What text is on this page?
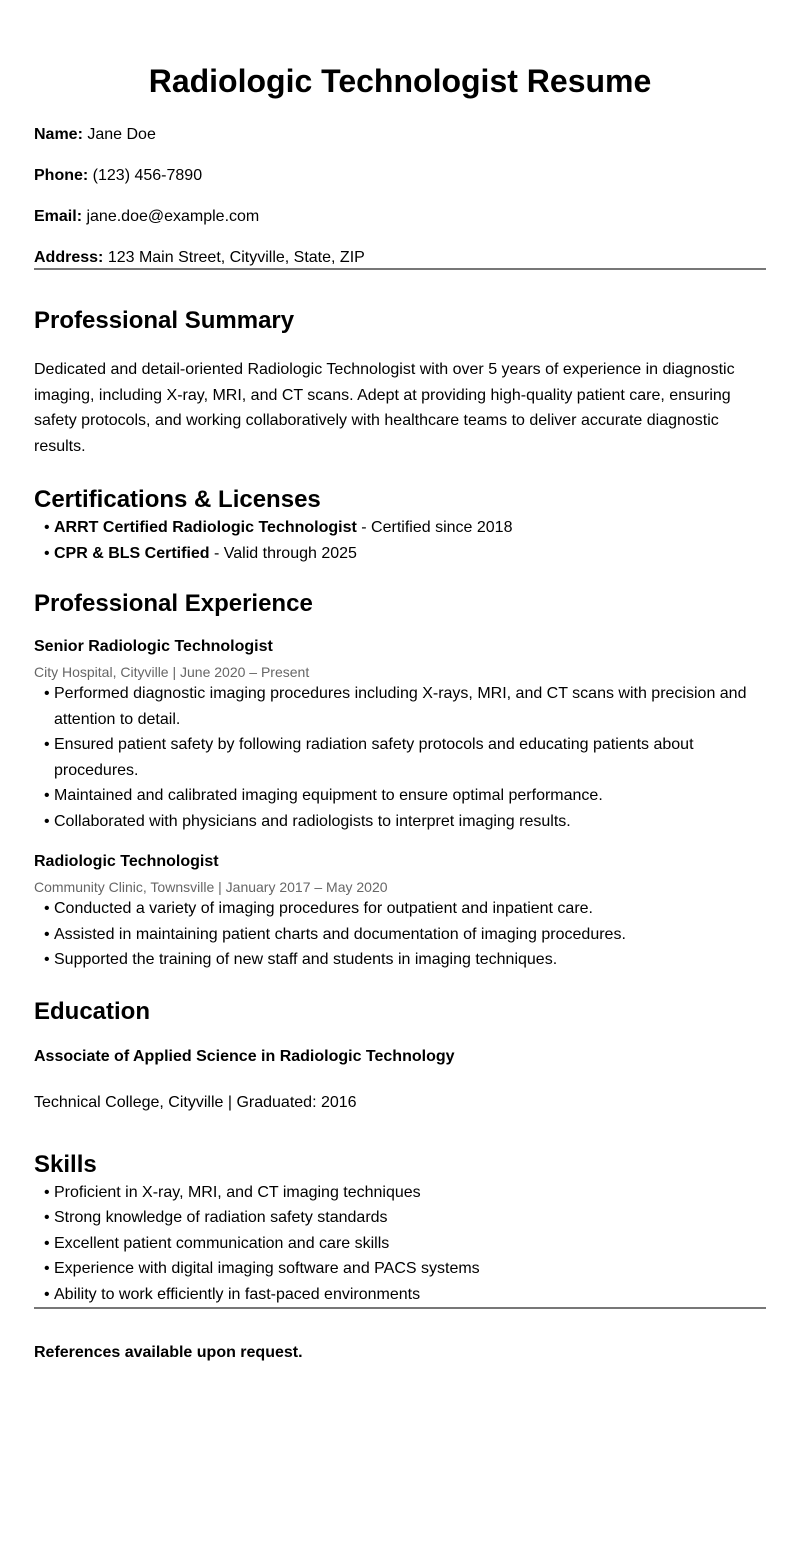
Radiologic Technologist Resume

Name: Jane Doe

Phone: (123) 456-7890

Email: jane.doe@example.com

Address: 123 Main Street, Cityville, State, ZIP

Professional Summary

Dedicated and detail-oriented Radiologic Technologist with over 5 years of experience in diagnostic imaging, including X-ray, MRI, and CT scans. Adept at providing high-quality patient care, ensuring safety protocols, and working collaboratively with healthcare teams to deliver accurate diagnostic results.

Certifications & Licenses
• ARRT Certified Radiologic Technologist - Certified since 2018
• CPR & BLS Certified - Valid through 2025
Professional Experience

Senior Radiologic Technologist

City Hospital, Cityville | June 2020 – Present

• Performed diagnostic imaging procedures including X-rays, MRI, and CT scans with precision and attention to detail.
• Ensured patient safety by following radiation safety protocols and educating patients about procedures.
• Maintained and calibrated imaging equipment to ensure optimal performance.
• Collaborated with physicians and radiologists to interpret imaging results.

Radiologic Technologist

Community Clinic, Townsville | January 2017 – May 2020

• Conducted a variety of imaging procedures for outpatient and inpatient care.
• Assisted in maintaining patient charts and documentation of imaging procedures.
• Supported the training of new staff and students in imaging techniques.
Education

Associate of Applied Science in Radiologic Technology

Technical College, Cityville | Graduated: 2016

Skills
• Proficient in X-ray, MRI, and CT imaging techniques
• Strong knowledge of radiation safety standards
• Excellent patient communication and care skills
• Experience with digital imaging software and PACS systems
• Ability to work efficiently in fast-paced environments

References available upon request.
